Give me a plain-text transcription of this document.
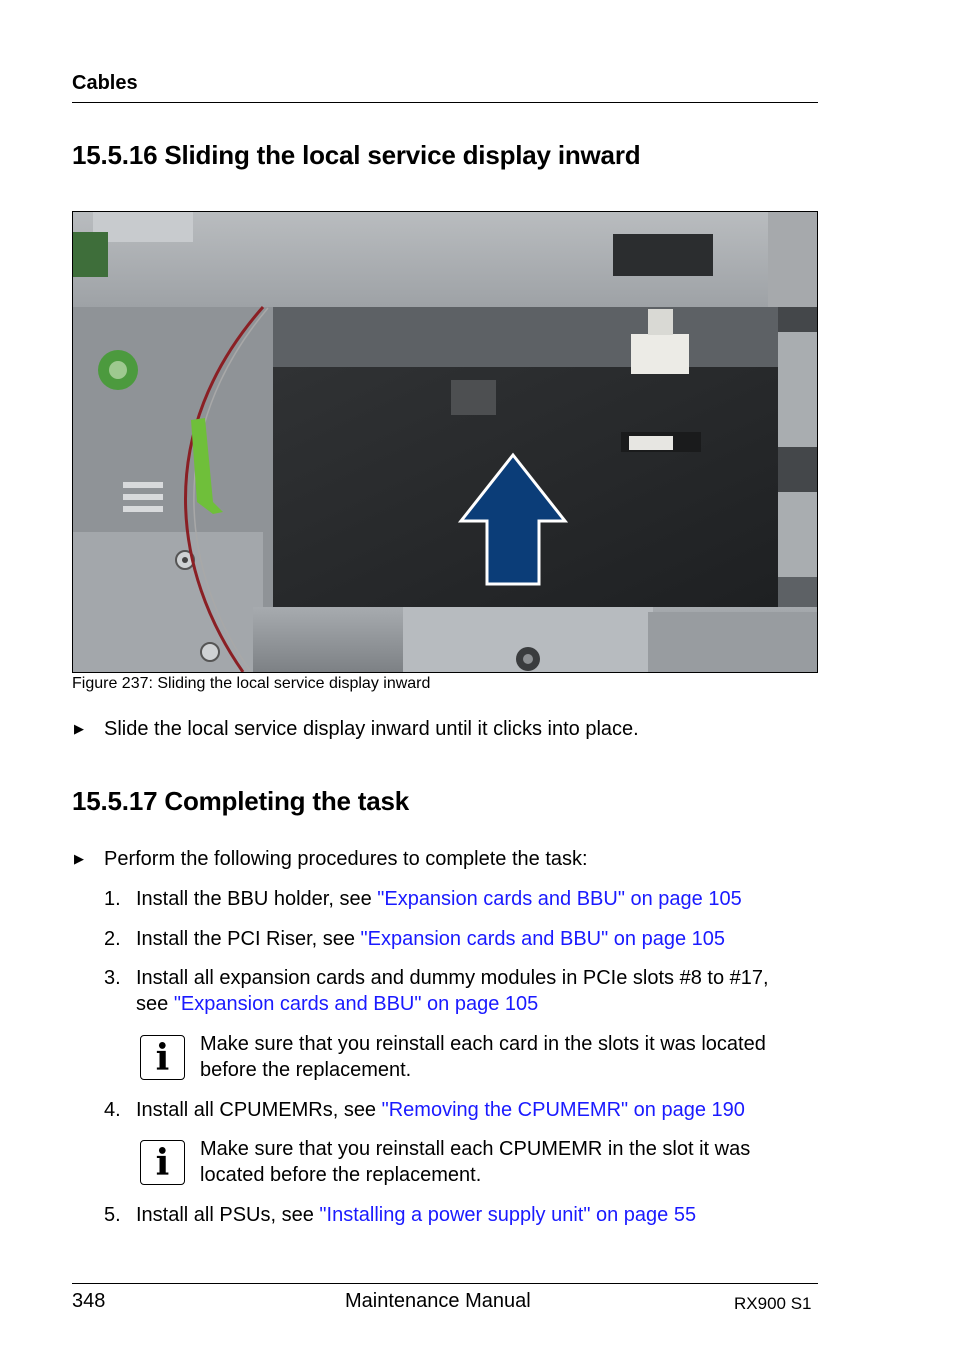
Cables
15.5.16 Sliding the local service display inward
Figure 237: Sliding the local service display inward
▶ Slide the local service display inward until it clicks into place.
15.5.17 Completing the task
▶ Perform the following procedures to complete the task:
1. Install the BBU holder, see "Expansion cards and BBU" on page 105
2. Install the PCI Riser, see "Expansion cards and BBU" on page 105
3. Install all expansion cards and dummy modules in PCIe slots #8 to #17,
see "Expansion cards and BBU" on page 105
i	Make sure that you reinstall each card in the slots it was located
before the replacement.
4. Install all CPUMEMRs, see "Removing the CPUMEMR" on page 190
i	Make sure that you reinstall each CPUMEMR in the slot it was
located before the replacement.
5. Install all PSUs, see "Installing a power supply unit" on page 55
348	Maintenance Manual	RX900 S1
